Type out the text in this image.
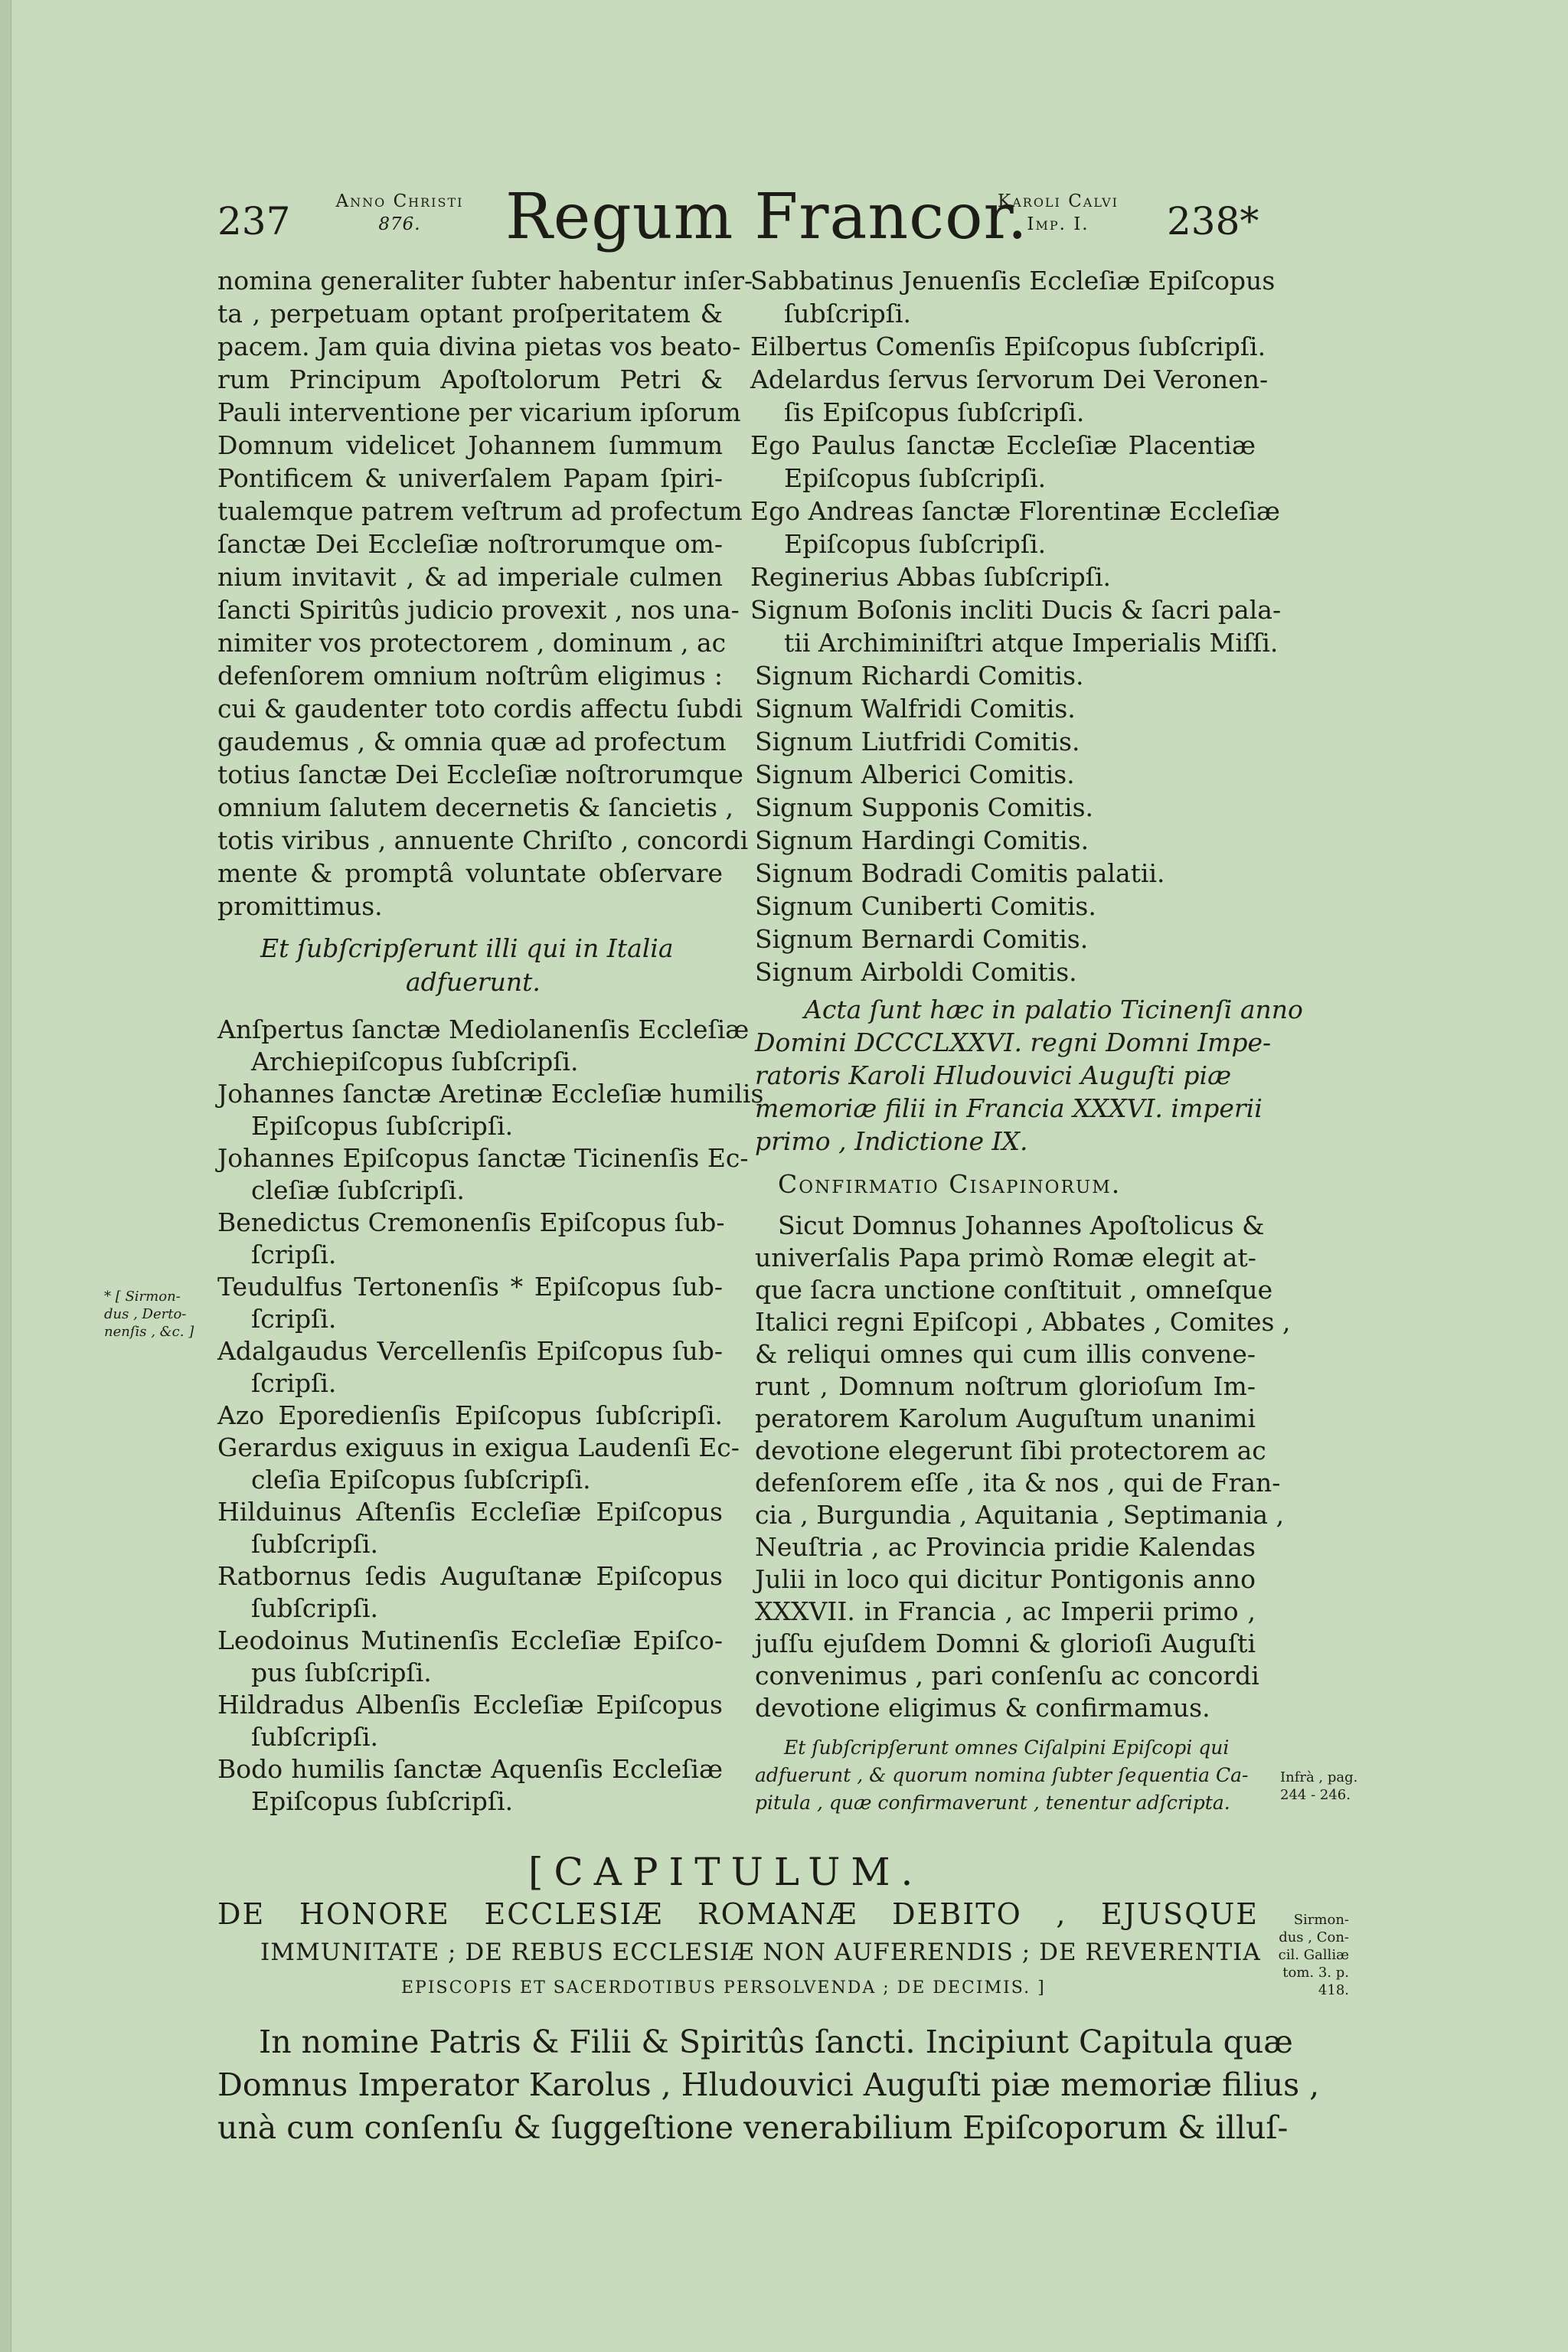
237	Anno Christi
876.	Regum Francor.
Karoli Calvi
Imp. I.	238*
nomina generaliter ſubter habentur inſer-
ta , perpetuam optant proſperitatem &
pacem. Jam quia divina pietas vos beato-
rum Principum Apoſtolorum Petri &
Pauli interventione per vicarium ipſorum
Domnum videlicet Johannem ſummum
Pontificem & univerſalem Papam ſpiri-
tualemque patrem veſtrum ad profectum
ſanctæ Dei Eccleſiæ noſtrorumque om-
nium invitavit , & ad imperiale culmen
ſancti Spiritûs judicio provexit , nos una-
nimiter vos protectorem , dominum , ac
defenſorem omnium noſtrûm eligimus :
cui & gaudenter toto cordis affectu ſubdi
gaudemus , & omnia quæ ad profectum
totius ſanctæ Dei Eccleſiæ noſtrorumque
omnium ſalutem decernetis & ſancietis ,
totis viribus , annuente Chriſto , concordi
mente & promptâ voluntate obſervare
promittimus.
Et ſubſcripſerunt illi qui in Italia
adfuerunt.
Anſpertus ſanctæ Mediolanenſis Eccleſiæ
Archiepiſcopus ſubſcripſi.
Johannes ſanctæ Aretinæ Eccleſiæ humilis
Epiſcopus ſubſcripſi.
Johannes Epiſcopus ſanctæ Ticinenſis Ec-
cleſiæ ſubſcripſi.
Benedictus Cremonenſis Epiſcopus ſub-
ſcripſi.
Teudulfus Tertonenſis * Epiſcopus ſub-
ſcripſi.
Adalgaudus Vercellenſis Epiſcopus ſub-
ſcripſi.
Azo Eporedienſis Epiſcopus ſubſcripſi.
Gerardus exiguus in exigua Laudenſi Ec-
cleſia Epiſcopus ſubſcripſi.
Hilduinus Aſtenſis Eccleſiæ Epiſcopus
ſubſcripſi.
Ratbornus ſedis Auguſtanæ Epiſcopus
ſubſcripſi.
Leodoinus Mutinenſis Eccleſiæ Epiſco-
pus ſubſcripſi.
Hildradus Albenſis Eccleſiæ Epiſcopus
ſubſcripſi.
Bodo humilis ſanctæ Aquenſis Eccleſiæ
Epiſcopus ſubſcripſi.
Sabbatinus Jenuenſis Eccleſiæ Epiſcopus
ſubſcripſi.
Eilbertus Comenſis Epiſcopus ſubſcripſi.
Adelardus ſervus ſervorum Dei Veronen-
ſis Epiſcopus ſubſcripſi.
Ego Paulus ſanctæ Eccleſiæ Placentiæ
Epiſcopus ſubſcripſi.
Ego Andreas ſanctæ Florentinæ Eccleſiæ
Epiſcopus ſubſcripſi.
Reginerius Abbas ſubſcripſi.
Signum Boſonis incliti Ducis & ſacri pala-
tii Archiminiſtri atque Imperialis Miſſi.
Signum Richardi Comitis.
Signum Walfridi Comitis.
Signum Liutfridi Comitis.
Signum Alberici Comitis.
Signum Supponis Comitis.
Signum Hardingi Comitis.
Signum Bodradi Comitis palatii.
Signum Cuniberti Comitis.
Signum Bernardi Comitis.
Signum Airboldi Comitis.
Acta ſunt hæc in palatio Ticinenſi anno
Domini DCCCLXXVI. regni Domni Impe-
ratoris Karoli Hludouvici Auguſti piæ
memoriæ filii in Francia XXXVI. imperii
primo , Indictione IX.
Confirmatio Cisapinorum.
Sicut Domnus Johannes Apoſtolicus &
univerſalis Papa primò Romæ elegit at-
que ſacra unctione conſtituit , omneſque
Italici regni Epiſcopi , Abbates , Comites ,
& reliqui omnes qui cum illis convene-
runt , Domnum noſtrum glorioſum Im-
peratorem Karolum Auguſtum unanimi
devotione elegerunt ſibi protectorem ac
defenſorem eſſe , ita & nos , qui de Fran-
cia , Burgundia , Aquitania , Septimania ,
Neuſtria , ac Provincia pridie Kalendas
Julii in loco qui dicitur Pontigonis anno
XXXVII. in Francia , ac Imperii primo ,
juſſu ejuſdem Domni & glorioſi Auguſti
convenimus , pari conſenſu ac concordi
devotione eligimus & confirmamus.
Et ſubſcripſerunt omnes Ciſalpini Epiſcopi qui
adfuerunt , & quorum nomina ſubter ſequentia Ca-
pitula , quæ confirmaverunt , tenentur adſcripta.
* [ Sirmon-
dus , Derto-
nenſis , &c. ]
Infrà , pag.
244 - 246.
Sirmon-
dus , Con-
cil. Galliæ
tom. 3. p.
418.
[CAPITULUM.
DE HONORE ECCLESIÆ ROMANÆ DEBITO , EJUSQUE
IMMUNITATE ; DE REBUS ECCLESIÆ NON AUFERENDIS ; DE REVERENTIA
EPISCOPIS ET SACERDOTIBUS PERSOLVENDA ; DE DECIMIS. ]
In nomine Patris & Filii & Spiritûs ſancti. Incipiunt Capitula quæ
Domnus Imperator Karolus , Hludouvici Auguſti piæ memoriæ filius ,
unà cum conſenſu & ſuggeſtione venerabilium Epiſcoporum & illuſ-
